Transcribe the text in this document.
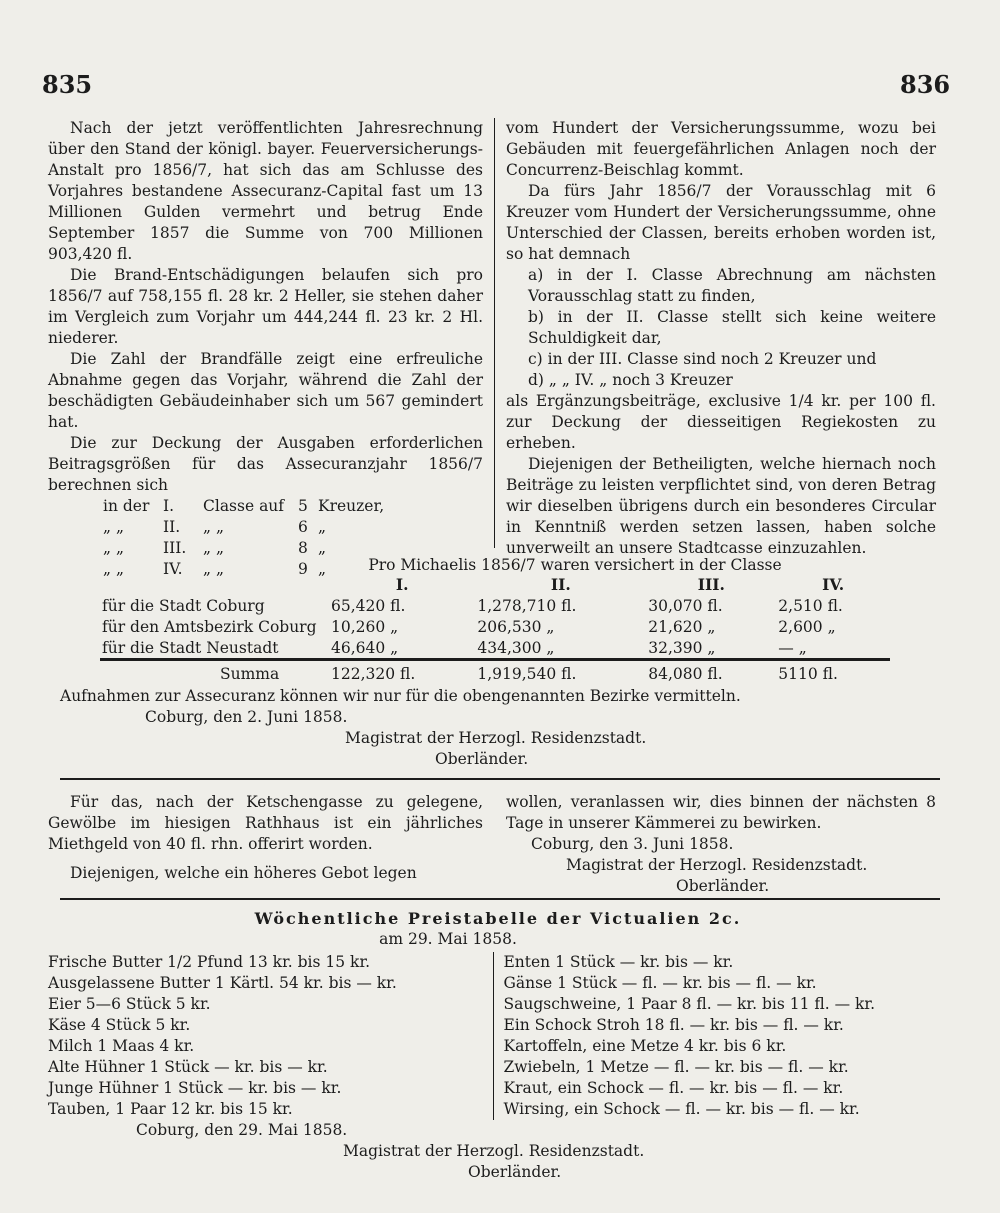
835	836

Nach der jetzt veröffentlichten Jahresrechnung über den Stand der königl. bayer. Feuerversicherungs-Anstalt pro 1856/7, hat sich das am Schlusse des Vorjahres bestandene Assecuranz-Capital fast um 13 Millionen Gulden vermehrt und betrug Ende September 1857 die Summe von 700 Millionen 903,420 fl.

Die Brand-Entschädigungen belaufen sich pro 1856/7 auf 758,155 fl. 28 kr. 2 Heller, sie stehen daher im Vergleich zum Vorjahr um 444,244 fl. 23 kr. 2 Hl. niederer.

Die Zahl der Brandfälle zeigt eine erfreuliche Abnahme gegen das Vorjahr, während die Zahl der beschädigten Gebäudeinhaber sich um 567 gemindert hat.

Die zur Deckung der Ausgaben erforderlichen Beitragsgrößen für das Assecuranzjahr 1856/7 berechnen sich

in der I.	Classe auf 5 Kreuzer,
„ „	II.	„ „	6 „
„ „	III.	„ „	8 „
„ „	IV.	„ „	9 „

vom Hundert der Versicherungssumme, wozu bei Gebäuden mit feuergefährlichen Anlagen noch der Concurrenz-Beischlag kommt.

Da fürs Jahr 1856/7 der Vorausschlag mit 6 Kreuzer vom Hundert der Versicherungssumme, ohne Unterschied der Classen, bereits erhoben worden ist, so hat demnach

a) in der I. Classe Abrechnung am nächsten Vorausschlag statt zu finden,

b) in der II. Classe stellt sich keine weitere Schuldigkeit dar,

c) in der III. Classe sind noch 2 Kreuzer und

d) „ „ IV. „ noch 3 Kreuzer

als Ergänzungsbeiträge, exclusive 1/4 kr. per 100 fl. zur Deckung der diesseitigen Regiekosten zu erheben.

Diejenigen der Betheiligten, welche hiernach noch Beiträge zu leisten verpflichtet sind, von deren Betrag wir dieselben übrigens durch ein besonderes Circular in Kenntniß werden setzen lassen, haben solche unverweilt an unsere Stadtcasse einzuzahlen.

Pro Michaelis 1856/7 waren versichert in der Classe
	I.	II.	III.	IV.
für die Stadt Coburg	65,420 fl.	1,278,710 fl.	30,070 fl.	2,510 fl.
für den Amtsbezirk Coburg	10,260 „	206,530 „	21,620 „	2,600 „
für die Stadt Neustadt	46,640 „	434,300 „	32,390 „	— „
Summa	122,320 fl.	1,919,540 fl.	84,080 fl.	5110 fl.
Aufnahmen zur Assecuranz können wir nur für die obengenannten Bezirke vermitteln.
Coburg, den 2. Juni 1858.
Magistrat der Herzogl. Residenzstadt.
Oberländer.

Für das, nach der Ketschengasse zu gelegene, Gewölbe im hiesigen Rathhaus ist ein jährliches Miethgeld von 40 fl. rhn. offerirt worden.

Diejenigen, welche ein höheres Gebot legen

wollen, veranlassen wir, dies binnen der nächsten 8 Tage in unserer Kämmerei zu bewirken.

Coburg, den 3. Juni 1858.
Magistrat der Herzogl. Residenzstadt.
Oberländer.
Wöchentliche Preistabelle der Victualien 2c.
am 29. Mai 1858.
Frische Butter 1/2 Pfund 13 kr. bis 15 kr.
Ausgelassene Butter 1 Kärtl. 54 kr. bis — kr.
Eier 5—6 Stück 5 kr.
Käse 4 Stück 5 kr.
Milch 1 Maas 4 kr.
Alte Hühner 1 Stück — kr. bis — kr.
Junge Hühner 1 Stück — kr. bis — kr.
Tauben, 1 Paar 12 kr. bis 15 kr.
Enten 1 Stück — kr. bis — kr.
Gänse 1 Stück — fl. — kr. bis — fl. — kr.
Saugschweine, 1 Paar 8 fl. — kr. bis 11 fl. — kr.
Ein Schock Stroh 18 fl. — kr. bis — fl. — kr.
Kartoffeln, eine Metze 4 kr. bis 6 kr.
Zwiebeln, 1 Metze — fl. — kr. bis — fl. — kr.
Kraut, ein Schock — fl. — kr. bis — fl. — kr.
Wirsing, ein Schock — fl. — kr. bis — fl. — kr.
Coburg, den 29. Mai 1858.
Magistrat der Herzogl. Residenzstadt.
Oberländer.
